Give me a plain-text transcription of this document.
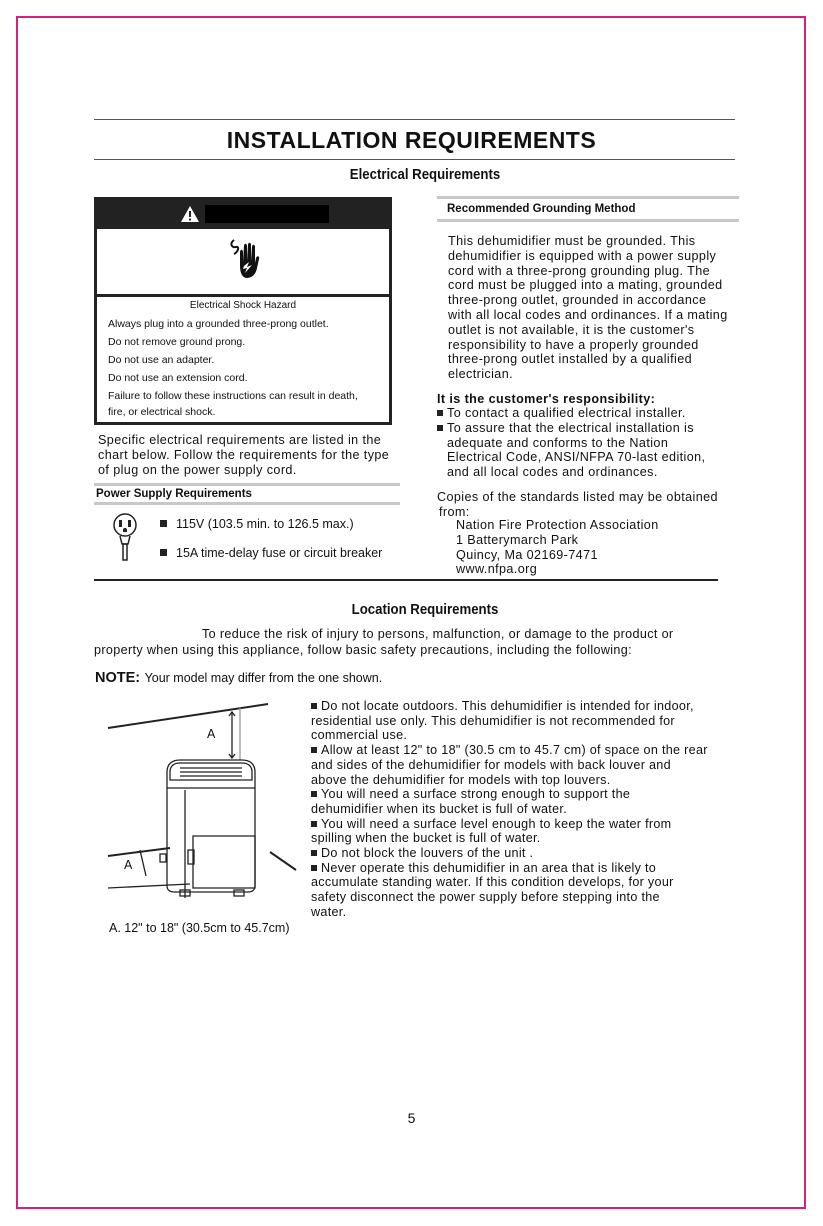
INSTALLATION REQUIREMENTS
Electrical Requirements
Electrical Shock Hazard
Always plug into a grounded three-prong outlet.
Do not remove ground prong.
Do not use an adapter.
Do not use an extension cord.
Failure to follow these instructions can result in death,
fire, or electrical shock.
Specific electrical requirements are listed in the
chart below. Follow the requirements for the type
of plug on the power supply cord.
Power Supply Requirements
115V (103.5 min. to 126.5 max.)
15A time-delay fuse or circuit breaker
Recommended Grounding Method
This dehumidifier must be grounded. This
dehumidifier is equipped with a power supply
cord with a three-prong grounding plug. The
cord must be plugged into a mating, grounded
three-prong outlet, grounded in accordance
with all local codes and ordinances. If a mating
outlet is not available, it is the customer's
responsibility to have a properly grounded
three-prong outlet installed by a qualified
electrician.
It is the customer's responsibility:
To contact a qualified electrical installer.
To assure that the electrical installation is
adequate and conforms to the Nation
Electrical Code, ANSI/NFPA 70-last edition,
and all local codes and ordinances.
Copies of the standards listed may be obtained
from:
Nation Fire Protection Association
1 Batterymarch Park
Quincy, Ma 02169-7471
www.nfpa.org
Location Requirements
To reduce the risk of injury to persons, malfunction, or damage to the product or
property when using this appliance, follow basic safety precautions, including the following:
NOTE: Your model may differ from the one shown.
A
A
A. 12" to 18" (30.5cm to 45.7cm)
Do not locate outdoors. This dehumidifier is intended for indoor,
residential use only. This dehumidifier is not recommended for
commercial use.
Allow at least 12" to 18" (30.5 cm to 45.7 cm) of space on the rear
and sides of the dehumidifier for models with back louver and
above the dehumidifier for models with top louvers.
You will need a surface strong enough to support the
dehumidifier when its bucket is full of water.
You will need a surface level enough to keep the water from
spilling when the bucket is full of water.
Do not block the louvers of the unit .
Never operate this dehumidifier in an area that is likely to
accumulate standing water. If this condition develops, for your
safety disconnect the power supply before stepping into the
water.
5
